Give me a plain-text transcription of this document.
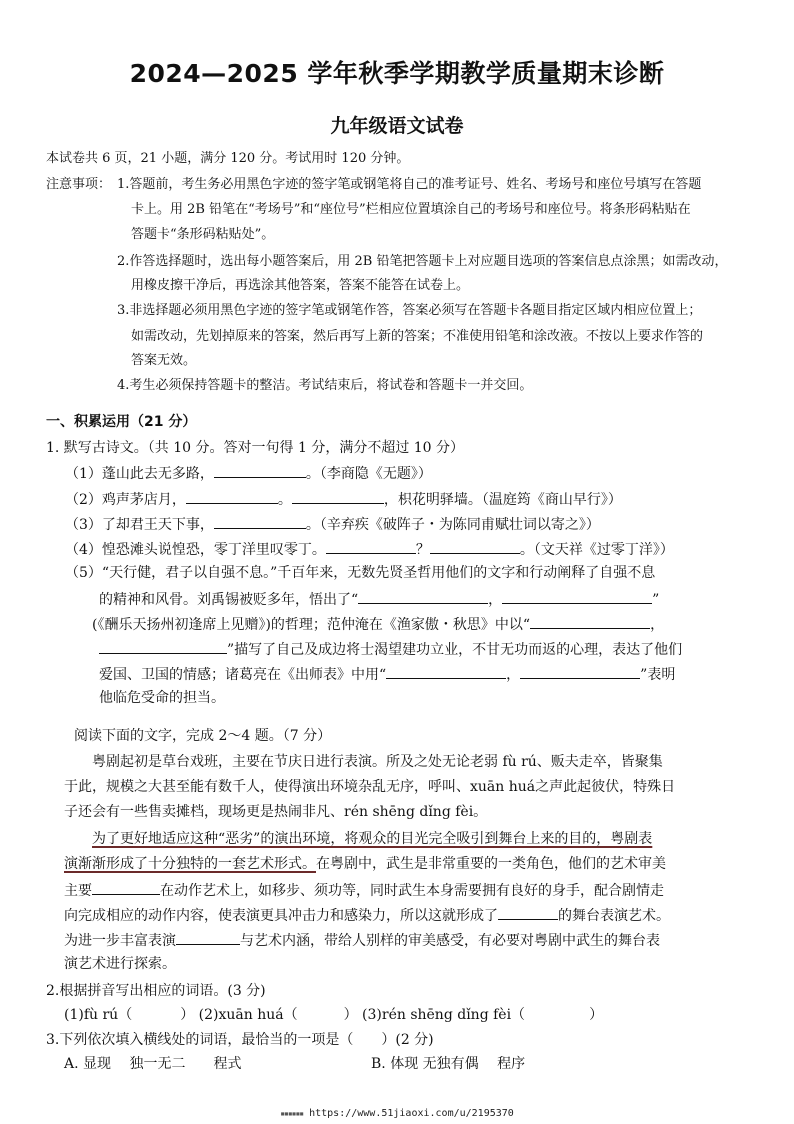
2024—2025 学年秋季学期教学质量期末诊断
九年级语文试卷
本试卷共 6 页，21 小题，满分 120 分。考试用时 120 分钟。
注意事项： 1.答题前，考生务必用黑色字迹的签字笔或钢笔将自己的准考证号、姓名、考场号和座位号填写在答题
卡上。用 2B 铅笔在“考场号”和“座位号”栏相应位置填涂自己的考场号和座位号。将条形码粘贴在
答题卡“条形码粘贴处”。
2.作答选择题时，选出每小题答案后，用 2B 铅笔把答题卡上对应题目选项的答案信息点涂黑；如需改动，
用橡皮擦干净后，再选涂其他答案，答案不能答在试卷上。
3.非选择题必须用黑色字迹的签字笔或钢笔作答，答案必须写在答题卡各题目指定区域内相应位置上；
如需改动，先划掉原来的答案，然后再写上新的答案；不准使用铅笔和涂改液。不按以上要求作答的
答案无效。
4.考生必须保持答题卡的整洁。考试结束后，将试卷和答题卡一并交回。
一、积累运用（21 分）
1. 默写古诗文。（共 10 分。答对一句得 1 分，满分不超过 10 分）
（1）蓬山此去无多路，	。（李商隐《无题》）
（2）鸡声茅店月，	。	，枳花明驿墙。（温庭筠《商山早行》）
（3）了却君王天下事，	。（辛弃疾《破阵子・为陈同甫赋壮词以寄之》）
（4）惶恐滩头说惶恐，零丁洋里叹零丁。	？	。（文天祥《过零丁洋》）
（5）“天行健，君子以自强不息。”千百年来，无数先贤圣哲用他们的文字和行动阐释了自强不息
的精神和风骨。刘禹锡被贬多年，悟出了“	，	”
(《酬乐天扬州初逢席上见赠》)的哲理；范仲淹在《渔家傲・秋思》中以“	，
”描写了自己及成边将士渴望建功立业，不甘无功而返的心理，表达了他们
爱国、卫国的情感；诸葛亮在《出师表》中用“	，	”表明
他临危受命的担当。
阅读下面的文字，完成 2～4 题。（7 分）
粤剧起初是草台戏班，主要在节庆日进行表演。所及之处无论老弱 fù rú、贩夫走卒，皆聚集
于此，规模之大甚至能有数千人，使得演出环境杂乱无序，呼叫、xuān huá之声此起彼伏，特殊日
子还会有一些售卖摊档，现场更是热闹非凡、rén shēng dǐng fèi。
为了更好地适应这种“恶劣”的演出环境，将观众的目光完全吸引到舞台上来的目的，粤剧表
演渐渐形成了十分独特的一套艺术形式。在粤剧中，武生是非常重要的一类角色，他们的艺术审美
主要	在动作艺术上，如移步、须功等，同时武生本身需要拥有良好的身手，配合剧情走
向完成相应的动作内容，使表演更具冲击力和感染力，所以这就形成了	的舞台表演艺术。
为进一步丰富表演	与艺术内涵，带给人别样的审美感受，有必要对粤剧中武生的舞台表
演艺术进行探索。
2.根据拼音写出相应的词语。(3 分)
(1)fù rú（	） (2)xuān huá（	） (3)rén shēng dǐng fèi（	）
3.下列依次填入横线处的词语，最恰当的一项是（　　）(2 分)
A. 显现　 独一无二　　程式	B. 体现 无独有偶　 程序
▪▪▪▪▪▪ https://www.51jiaoxi.com/u/2195370
